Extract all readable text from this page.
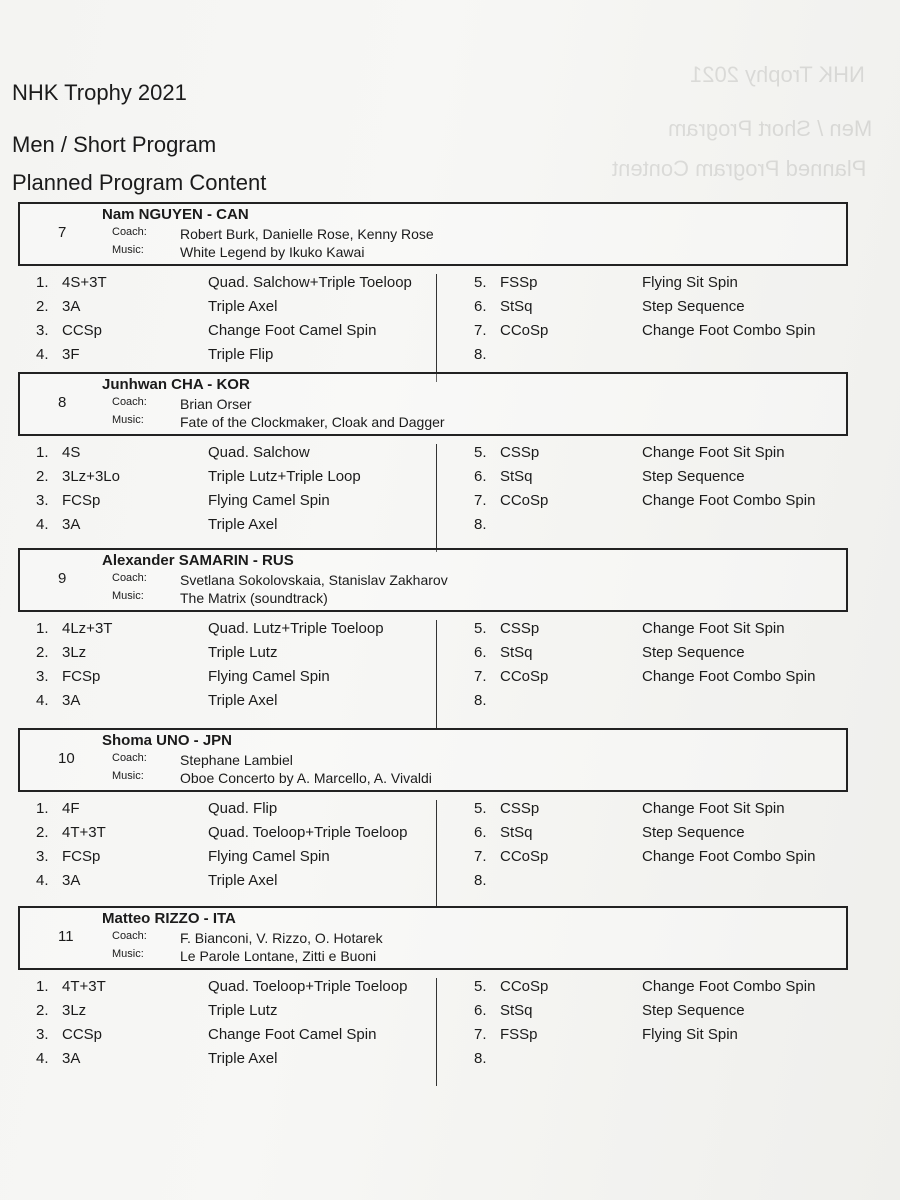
NHK Trophy 2021
Men / Short Program
Planned Program Content
NHK Trophy 2021
Men / Short Program
Planned Program Content
7
Nam NGUYEN - CAN
Coach: Robert Burk, Danielle Rose, Kenny Rose
Music:	White Legend by Ikuko Kawai
1. 4S+3T	Quad. Salchow+Triple Toeloop
2. 3A	Triple Axel
3. CCSp	Change Foot Camel Spin
4. 3F	Triple Flip
5. FSSp	Flying Sit Spin
6. StSq	Step Sequence
7. CCoSp	Change Foot Combo Spin
8.
8
Junhwan CHA - KOR
Coach: Brian Orser
Music:	Fate of the Clockmaker, Cloak and Dagger
1. 4S	Quad. Salchow
2. 3Lz+3Lo	Triple Lutz+Triple Loop
3. FCSp	Flying Camel Spin
4. 3A	Triple Axel
5. CSSp	Change Foot Sit Spin
6. StSq	Step Sequence
7. CCoSp	Change Foot Combo Spin
8.
9
Alexander SAMARIN - RUS
Coach: Svetlana Sokolovskaia, Stanislav Zakharov
Music:	The Matrix (soundtrack)
1. 4Lz+3T	Quad. Lutz+Triple Toeloop
2. 3Lz	Triple Lutz
3. FCSp	Flying Camel Spin
4. 3A	Triple Axel
5. CSSp	Change Foot Sit Spin
6. StSq	Step Sequence
7. CCoSp	Change Foot Combo Spin
8.
10
Shoma UNO - JPN
Coach: Stephane Lambiel
Music:	Oboe Concerto by A. Marcello, A. Vivaldi
1. 4F	Quad. Flip
2. 4T+3T	Quad. Toeloop+Triple Toeloop
3. FCSp	Flying Camel Spin
4. 3A	Triple Axel
5. CSSp	Change Foot Sit Spin
6. StSq	Step Sequence
7. CCoSp	Change Foot Combo Spin
8.
11
Matteo RIZZO - ITA
Coach: F. Bianconi, V. Rizzo, O. Hotarek
Music:	Le Parole Lontane, Zitti e Buoni
1. 4T+3T	Quad. Toeloop+Triple Toeloop
2. 3Lz	Triple Lutz
3. CCSp	Change Foot Camel Spin
4. 3A	Triple Axel
5. CCoSp	Change Foot Combo Spin
6. StSq	Step Sequence
7. FSSp	Flying Sit Spin
8.
